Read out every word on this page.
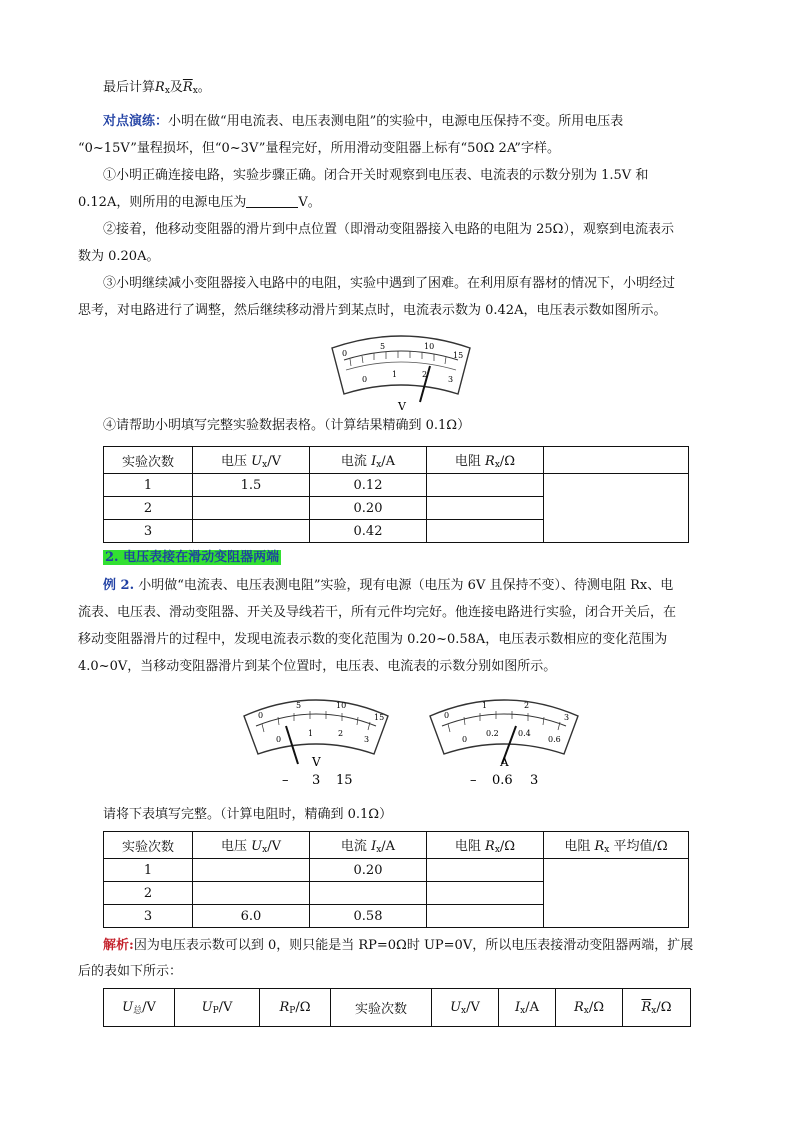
最后计算$R_x$及$\overline{R}_x$。
对点演练：小明在做“用电流表、电压表测电阻”的实验中，电源电压保持不变。所用电压表
“0~15V”量程损坏，但“0~3V”量程完好，所用滑动变阻器上标有“50Ω 2A”字样。
①小明正确连接电路，实验步骤正确。闭合开关时观察到电压表、电流表的示数分别为 1.5V 和
0.12A，则所用的电源电压为	V。
②接着，他移动变阻器的滑片到中点位置（即滑动变阻器接入电路的电阻为 25Ω），观察到电流表示
数为 0.20A。
③小明继续减小变阻器接入电路中的电阻，实验中遇到了困难。在利用原有器材的情况下，小明经过
思考，对电路进行了调整，然后继续移动滑片到某点时，电流表示数为 0.42A，电压表示数如图所示。
0
5	10
15
0
1	2
3
V
④请帮助小明填写完整实验数据表格。（计算结果精确到 0.1Ω）
实验次数	电压 $U_x/V$	电流 $I_x/A$	电阻 $R_x/\Omega$	
1	1.5	0.12		
2		0.20		
3		0.42		
2. 电压表接在滑动变阻器两端
例 2. 小明做“电流表、电压表测电阻”实验，现有电源（电压为 6V 且保持不变）、待测电阻 Rx、电
流表、电压表、滑动变阻器、开关及导线若干，所有元件均完好。他连接电路进行实验，闭合开关后，在
移动变阻器滑片的过程中，发现电流表示数的变化范围为 0.20~0.58A，电压表示数相应的变化范围为
4.0~0V，当移动变阻器滑片到某个位置时，电压表、电流表的示数分别如图所示。
0
5	10
15
0
1	2
3
V
– 3 15
0
1	2
3
0
0.2 0.4
0.6
A
– 0.6 3
请将下表填写完整。（计算电阻时，精确到 0.1Ω）
实验次数	电压 $U_x/V$	电流 $I_x/A$	电阻 $R_x/\Omega$	电阻 $R_x$ 平均值/Ω
1		0.20		
2				
3	6.0	0.58		
解析:因为电压表示数可以到 0，则只能是当 RP=0Ω时 UP=0V，所以电压表接滑动变阻器两端，扩展
后的表如下所示：
$U_总/V$	$U_P/V$	$R_P/\Omega$	实验次数	$U_x/V$	$I_x/A$	$R_x/\Omega$	$\overline{R}_x/\Omega$
